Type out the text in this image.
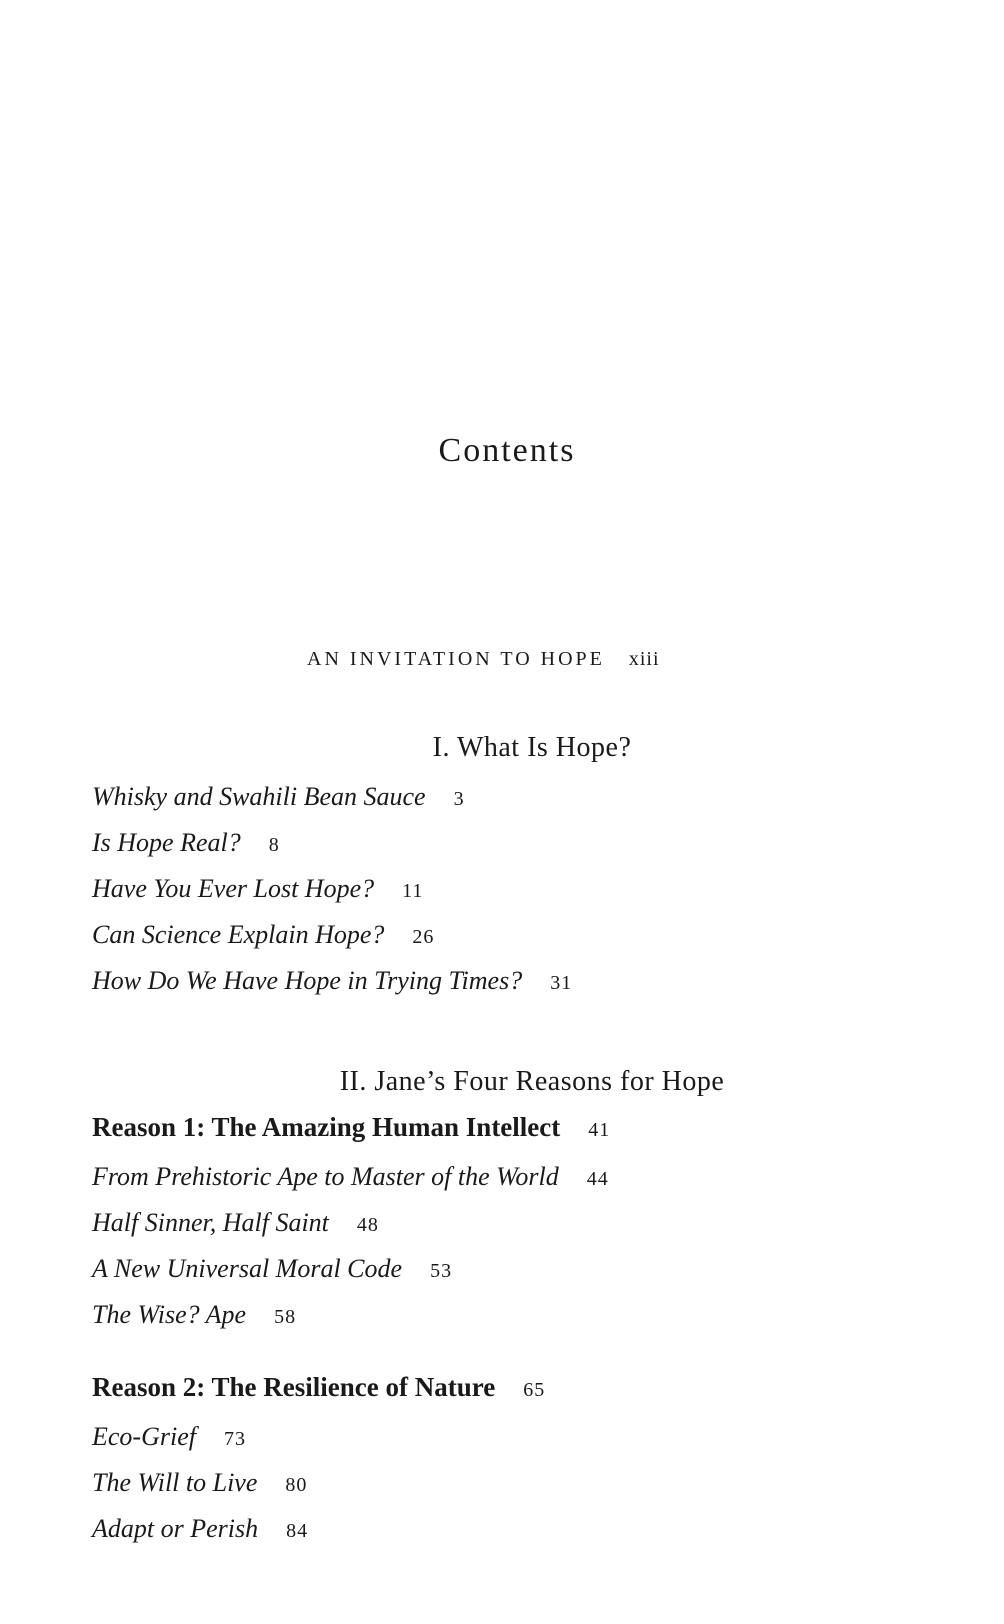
Contents
AN INVITATION TO HOPE xiii
I. What Is Hope?
Whisky and Swahili Bean Sauce 3
Is Hope Real? 8
Have You Ever Lost Hope? 11
Can Science Explain Hope? 26
How Do We Have Hope in Trying Times? 31
II. Jane’s Four Reasons for Hope
Reason 1: The Amazing Human Intellect 41
From Prehistoric Ape to Master of the World 44
Half Sinner, Half Saint 48
A New Universal Moral Code 53
The Wise? Ape 58
Reason 2: The Resilience of Nature 65
Eco-Grief 73
The Will to Live 80
Adapt or Perish 84
